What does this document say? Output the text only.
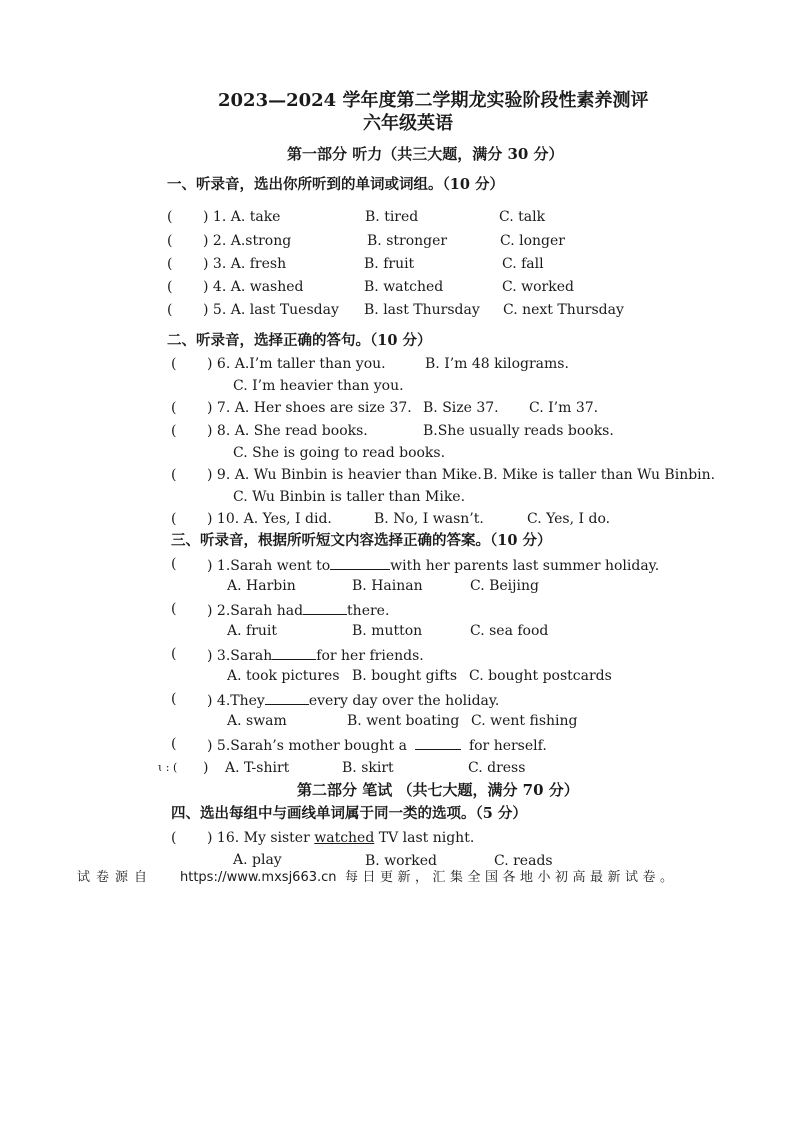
2023—2024 学年度第二学期龙实验阶段性素养测评
六年级英语
第一部分 听力（共三大题，满分 30 分）
一、听录音，选出你所听到的单词或词组。（10 分）
( ) 1. A. take	B. tired	C. talk
( ) 2. A.strong	B. stronger	C. longer
( ) 3. A. fresh	B. fruit	C. fall
( ) 4. A. washed	B. watched	C. worked
( ) 5. A. last Tuesday B. last Thursday C. next Thursday
二、听录音，选择正确的答句。（10 分）
( ) 6. A.I’m taller than you.	B. I’m 48 kilograms.
C. I’m heavier than you.
( ) 7. A. Her shoes are size 37. B. Size 37. C. I’m 37.
( ) 8. A. She read books.	B.She usually reads books.
C. She is going to read books.
( ) 9. A. Wu Binbin is heavier than Mike. B. Mike is taller than Wu Binbin.
C. Wu Binbin is taller than Mike.
( ) 10. A. Yes, I did.	B. No, I wasn’t.	C. Yes, I do.
三、听录音，根据所听短文内容选择正确的答案。（10 分）
( ) 1.Sarah went to	with her parents last summer holiday.
A. Harbin	B. Hainan	C. Beijing
( ) 2.Sarah had	there.
A. fruit	B. mutton	C. sea food
( ) 3.Sarah	for her friends.
A. took pictures B. bought gifts C. bought postcards
( ) 4.They	every day over the holiday.
A. swam	B. went boating C. went fishing
( ) 5.Sarah’s mother bought a	for herself.
ɩ : ( ) A. T-shirt	B. skirt	C. dress
第二部分 笔试 （共七大题，满分 70 分）
四、选出每组中与画线单词属于同一类的选项。（5 分）
( ) 16. My sister watched TV last night.
A. play	B. worked	C. reads
试卷源自 https://www.mxsj663.cn 每日更新，汇集全国各地小初高最新试卷。
